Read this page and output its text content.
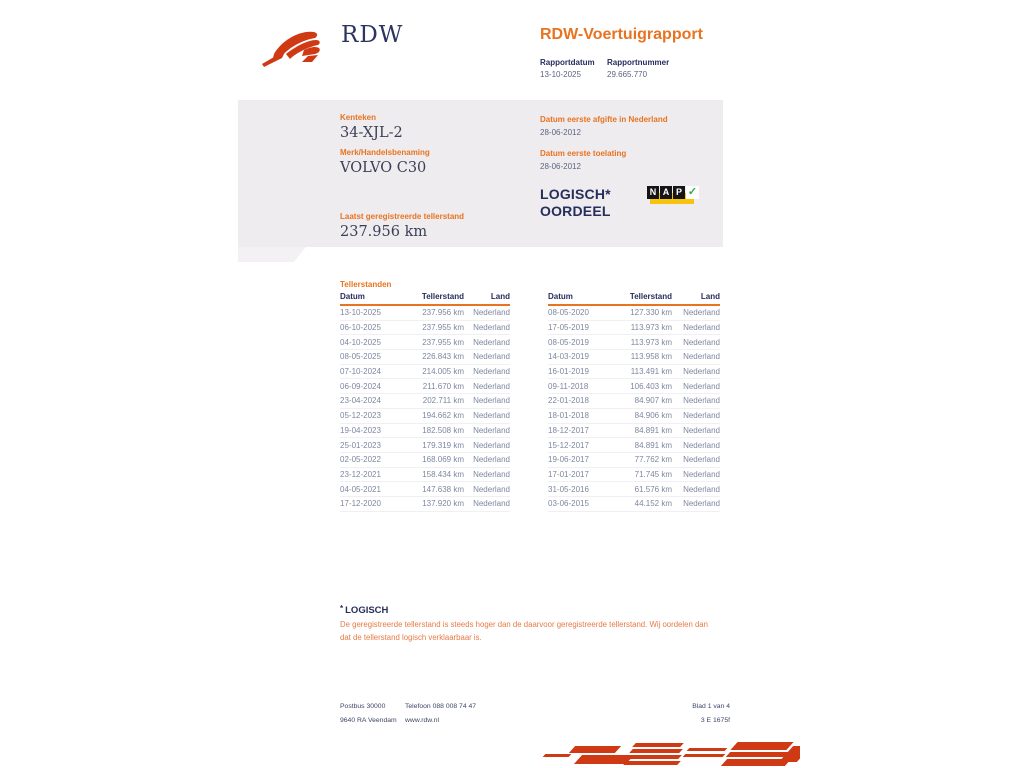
RDW	RDW-Voertuigrapport
Rapportdatum
13-10-2025
Rapportnummer
29.665.770
Kenteken
34-XJL-2
Merk/Handelsbenaming
VOLVO C30
Laatst geregistreerde tellerstand
237.956 km
Datum eerste afgifte in Nederland
28-06-2012
Datum eerste toelating
28-06-2012
LOGISCH*
OORDEEL
N A P ✓
Tellerstanden
Datum	Tellerstand	Land
13-10-2025	237.956 km	Nederland
06-10-2025	237.955 km	Nederland
04-10-2025	237.955 km	Nederland
08-05-2025	226.843 km	Nederland
07-10-2024	214.005 km	Nederland
06-09-2024	211.670 km	Nederland
23-04-2024	202.711 km	Nederland
05-12-2023	194.662 km	Nederland
19-04-2023	182.508 km	Nederland
25-01-2023	179.319 km	Nederland
02-05-2022	168.069 km	Nederland
23-12-2021	158.434 km	Nederland
04-05-2021	147.638 km	Nederland
17-12-2020	137.920 km	Nederland
Datum	Tellerstand	Land
08-05-2020	127.330 km	Nederland
17-05-2019	113.973 km	Nederland
08-05-2019	113.973 km	Nederland
14-03-2019	113.958 km	Nederland
16-01-2019	113.491 km	Nederland
09-11-2018	106.403 km	Nederland
22-01-2018	84.907 km	Nederland
18-01-2018	84.906 km	Nederland
18-12-2017	84.891 km	Nederland
15-12-2017	84.891 km	Nederland
19-06-2017	77.762 km	Nederland
17-01-2017	71.745 km	Nederland
31-05-2016	61.576 km	Nederland
03-06-2015	44.152 km	Nederland
* LOGISCH
De geregistreerde tellerstand is steeds hoger dan de daarvoor geregistreerde tellerstand. Wij oordelen dan
dat de tellerstand logisch verklaarbaar is.
Postbus 30000
9640 RA Veendam
Telefoon 088 008 74 47
www.rdw.nl
Blad 1 van 4
3 E 1675f
